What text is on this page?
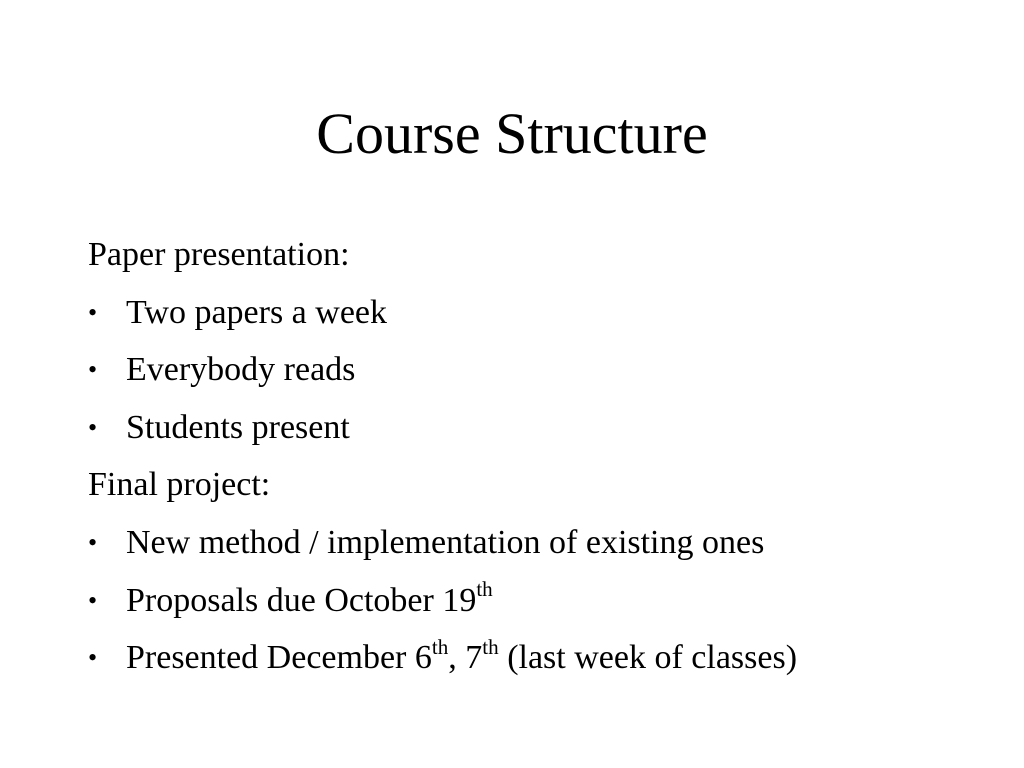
Course Structure
Paper presentation:
• Two papers a week
• Everybody reads
• Students present
Final project:
• New method / implementation of existing ones
• Proposals due October 19th
• Presented December 6th, 7th (last week of classes)
